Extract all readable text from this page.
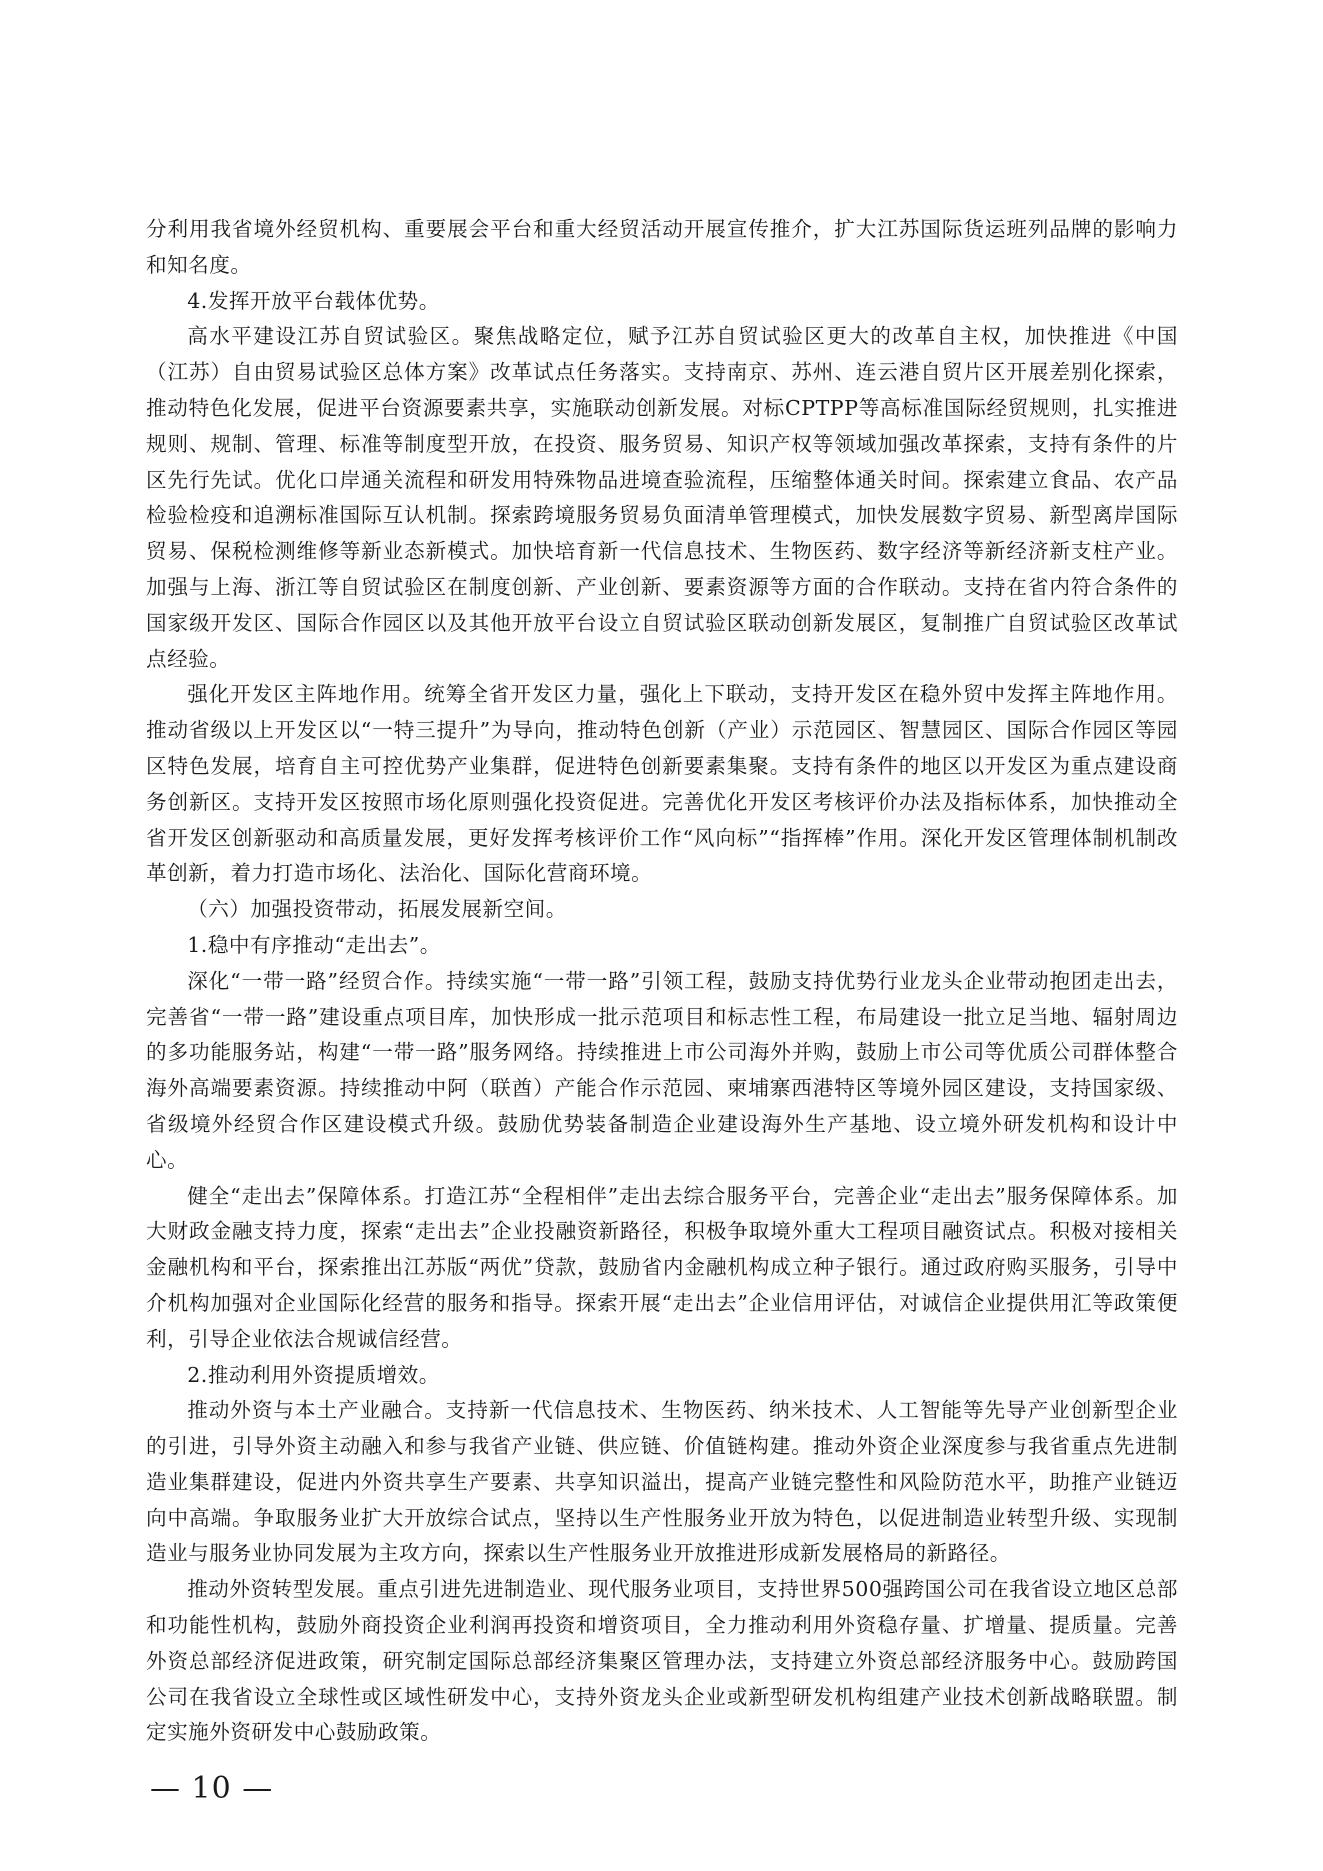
分利用我省境外经贸机构、重要展会平台和重大经贸活动开展宣传推介，扩大江苏国际货运班列品牌的影响力和知名度。

4.发挥开放平台载体优势。

高水平建设江苏自贸试验区。聚焦战略定位，赋予江苏自贸试验区更大的改革自主权，加快推进《中国（江苏）自由贸易试验区总体方案》改革试点任务落实。支持南京、苏州、连云港自贸片区开展差别化探索，推动特色化发展，促进平台资源要素共享，实施联动创新发展。对标CPTPP等高标准国际经贸规则，扎实推进规则、规制、管理、标准等制度型开放，在投资、服务贸易、知识产权等领域加强改革探索，支持有条件的片区先行先试。优化口岸通关流程和研发用特殊物品进境查验流程，压缩整体通关时间。探索建立食品、农产品检验检疫和追溯标准国际互认机制。探索跨境服务贸易负面清单管理模式，加快发展数字贸易、新型离岸国际贸易、保税检测维修等新业态新模式。加快培育新一代信息技术、生物医药、数字经济等新经济新支柱产业。加强与上海、浙江等自贸试验区在制度创新、产业创新、要素资源等方面的合作联动。支持在省内符合条件的国家级开发区、国际合作园区以及其他开放平台设立自贸试验区联动创新发展区，复制推广自贸试验区改革试点经验。

强化开发区主阵地作用。统筹全省开发区力量，强化上下联动，支持开发区在稳外贸中发挥主阵地作用。推动省级以上开发区以“一特三提升”为导向，推动特色创新（产业）示范园区、智慧园区、国际合作园区等园区特色发展，培育自主可控优势产业集群，促进特色创新要素集聚。支持有条件的地区以开发区为重点建设商务创新区。支持开发区按照市场化原则强化投资促进。完善优化开发区考核评价办法及指标体系，加快推动全省开发区创新驱动和高质量发展，更好发挥考核评价工作“风向标”“指挥棒”作用。深化开发区管理体制机制改革创新，着力打造市场化、法治化、国际化营商环境。

（六）加强投资带动，拓展发展新空间。

1.稳中有序推动“走出去”。

深化“一带一路”经贸合作。持续实施“一带一路”引领工程，鼓励支持优势行业龙头企业带动抱团走出去，完善省“一带一路”建设重点项目库，加快形成一批示范项目和标志性工程，布局建设一批立足当地、辐射周边的多功能服务站，构建“一带一路”服务网络。持续推进上市公司海外并购，鼓励上市公司等优质公司群体整合海外高端要素资源。持续推动中阿（联酋）产能合作示范园、柬埔寨西港特区等境外园区建设，支持国家级、省级境外经贸合作区建设模式升级。鼓励优势装备制造企业建设海外生产基地、设立境外研发机构和设计中心。

健全“走出去”保障体系。打造江苏“全程相伴”走出去综合服务平台，完善企业“走出去”服务保障体系。加大财政金融支持力度，探索“走出去”企业投融资新路径，积极争取境外重大工程项目融资试点。积极对接相关金融机构和平台，探索推出江苏版“两优”贷款，鼓励省内金融机构成立种子银行。通过政府购买服务，引导中介机构加强对企业国际化经营的服务和指导。探索开展“走出去”企业信用评估，对诚信企业提供用汇等政策便利，引导企业依法合规诚信经营。

2.推动利用外资提质增效。

推动外资与本土产业融合。支持新一代信息技术、生物医药、纳米技术、人工智能等先导产业创新型企业的引进，引导外资主动融入和参与我省产业链、供应链、价值链构建。推动外资企业深度参与我省重点先进制造业集群建设，促进内外资共享生产要素、共享知识溢出，提高产业链完整性和风险防范水平，助推产业链迈向中高端。争取服务业扩大开放综合试点，坚持以生产性服务业开放为特色，以促进制造业转型升级、实现制造业与服务业协同发展为主攻方向，探索以生产性服务业开放推进形成新发展格局的新路径。

推动外资转型发展。重点引进先进制造业、现代服务业项目，支持世界500强跨国公司在我省设立地区总部和功能性机构，鼓励外商投资企业利润再投资和增资项目，全力推动利用外资稳存量、扩增量、提质量。完善外资总部经济促进政策，研究制定国际总部经济集聚区管理办法，支持建立外资总部经济服务中心。鼓励跨国公司在我省设立全球性或区域性研发中心，支持外资龙头企业或新型研发机构组建产业技术创新战略联盟。制定实施外资研发中心鼓励政策。

— 10 —
